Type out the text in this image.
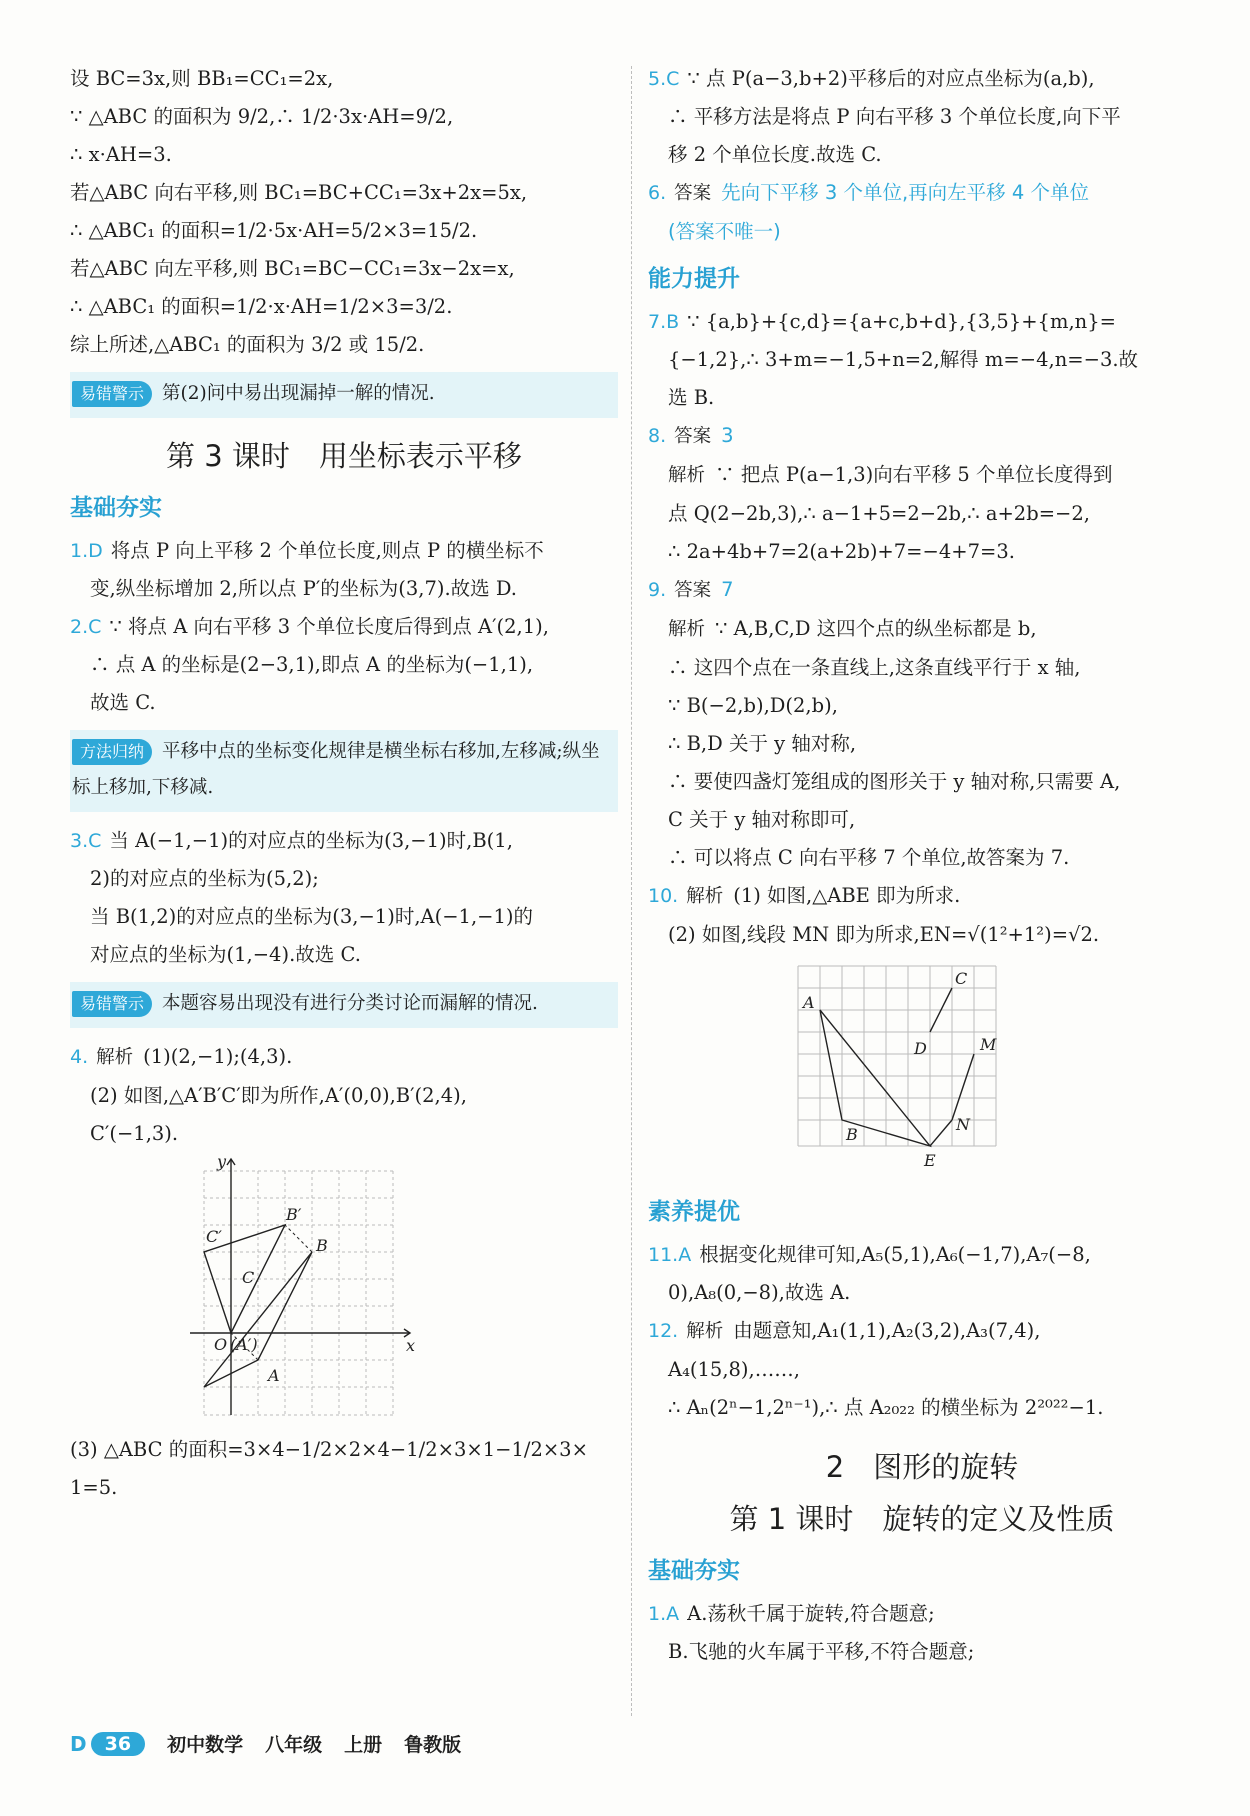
设 BC=3x,则 BB₁=CC₁=2x,

∵ △ABC 的面积为 9/2,∴ 1/2·3x·AH=9/2,

∴ x·AH=3.

若△ABC 向右平移,则 BC₁=BC+CC₁=3x+2x=5x,

∴ △ABC₁ 的面积=1/2·5x·AH=5/2×3=15/2.

若△ABC 向左平移,则 BC₁=BC−CC₁=3x−2x=x,

∴ △ABC₁ 的面积=1/2·x·AH=1/2×3=3/2.

综上所述,△ABC₁ 的面积为 3/2 或 15/2.

易错警示 第(2)问中易出现漏掉一解的情况.

第 3 课时　用坐标表示平移
基础夯实

1.D 将点 P 向上平移 2 个单位长度,则点 P 的横坐标不

变,纵坐标增加 2,所以点 P′的坐标为(3,7).故选 D.

2.C ∵ 将点 A 向右平移 3 个单位长度后得到点 A′(2,1),

∴ 点 A 的坐标是(2−3,1),即点 A 的坐标为(−1,1),

故选 C.

方法归纳 平移中点的坐标变化规律是横坐标右移加,左移减;纵坐标上移加,下移减.

3.C 当 A(−1,−1)的对应点的坐标为(3,−1)时,B(1,

2)的对应点的坐标为(5,2);

当 B(1,2)的对应点的坐标为(3,−1)时,A(−1,−1)的

对应点的坐标为(1,−4).故选 C.

易错警示 本题容易出现没有进行分类讨论而漏解的情况.

4. 解析 (1)(2,−1);(4,3).

(2) 如图,△A′B′C′即为所作,A′(0,0),B′(2,4),

C′(−1,3).

y
x
O (A′)
A
B
C
B′
C′

(3) △ABC 的面积=3×4−1/2×2×4−1/2×3×1−1/2×3×

1=5.

5.C ∵ 点 P(a−3,b+2)平移后的对应点坐标为(a,b),

∴ 平移方法是将点 P 向右平移 3 个单位长度,向下平

移 2 个单位长度.故选 C.

6. 答案 先向下平移 3 个单位,再向左平移 4 个单位

(答案不唯一)

能力提升

7.B ∵ {a,b}+{c,d}={a+c,b+d},{3,5}+{m,n}=

{−1,2},∴ 3+m=−1,5+n=2,解得 m=−4,n=−3.故

选 B.

8. 答案 3

解析 ∵ 把点 P(a−1,3)向右平移 5 个单位长度得到

点 Q(2−2b,3),∴ a−1+5=2−2b,∴ a+2b=−2,

∴ 2a+4b+7=2(a+2b)+7=−4+7=3.

9. 答案 7

解析 ∵ A,B,C,D 这四个点的纵坐标都是 b,

∴ 这四个点在一条直线上,这条直线平行于 x 轴,

∵ B(−2,b),D(2,b),

∴ B,D 关于 y 轴对称,

∴ 要使四盏灯笼组成的图形关于 y 轴对称,只需要 A,

C 关于 y 轴对称即可,

∴ 可以将点 C 向右平移 7 个单位,故答案为 7.

10. 解析 (1) 如图,△ABE 即为所求.

(2) 如图,线段 MN 即为所求,EN=√(1²+1²)=√2.

A
B
C
D
E
M
N
素养提优

11.A 根据变化规律可知,A₅(5,1),A₆(−1,7),A₇(−8,

0),A₈(0,−8),故选 A.

12. 解析 由题意知,A₁(1,1),A₂(3,2),A₃(7,4),

A₄(15,8),……,

∴ Aₙ(2ⁿ−1,2ⁿ⁻¹),∴ 点 A₂₀₂₂ 的横坐标为 2²⁰²²−1.

2　图形的旋转
第 1 课时　旋转的定义及性质
基础夯实

1.A A.荡秋千属于旋转,符合题意;

B.飞驰的火车属于平移,不符合题意;

D 36	初中数学 八年级 上册 鲁教版
